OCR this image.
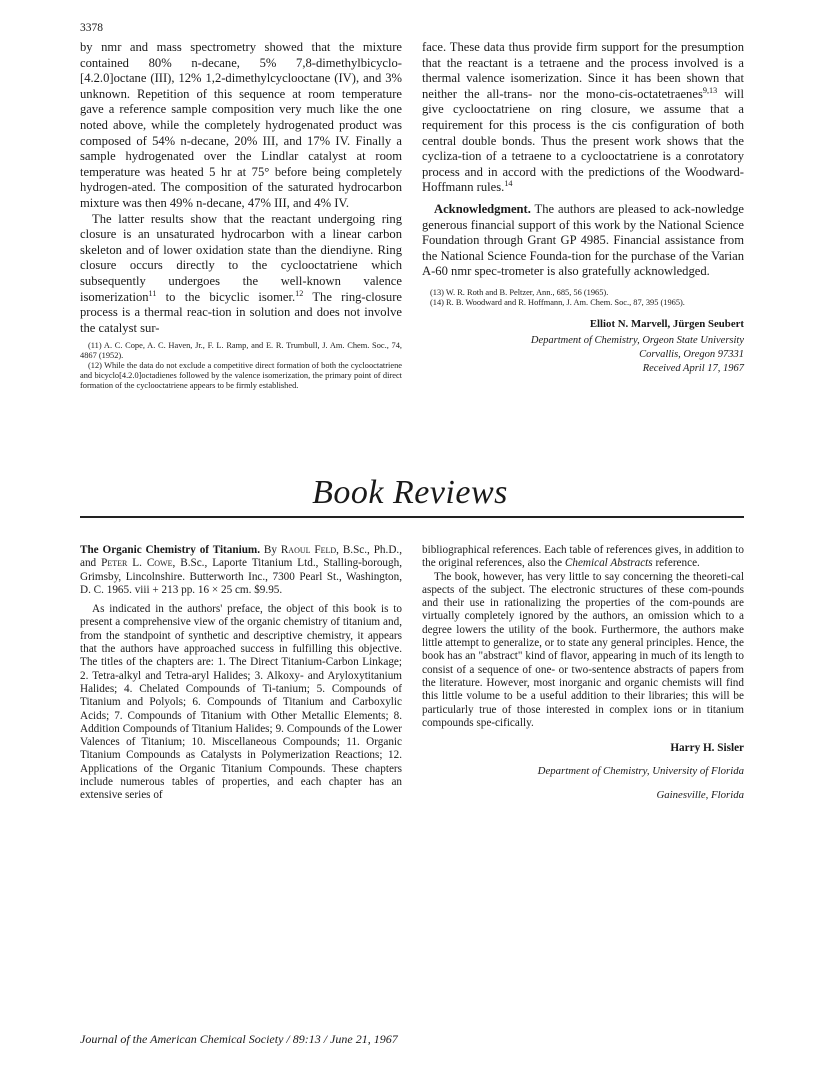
3378

by nmr and mass spectrometry showed that the mixture contained 80% n-decane, 5% 7,8-dimethylbicyclo-[4.2.0]octane (III), 12% 1,2-dimethylcyclooctane (IV), and 3% unknown. Repetition of this sequence at room temperature gave a reference sample composition very much like the one noted above, while the completely hydrogenated product was composed of 54% n-decane, 20% III, and 17% IV. Finally a sample hydrogenated over the Lindlar catalyst at room temperature was heated 5 hr at 75° before being completely hydrogen-ated. The composition of the saturated hydrocarbon mixture was then 49% n-decane, 47% III, and 4% IV.

The latter results show that the reactant undergoing ring closure is an unsaturated hydrocarbon with a linear carbon skeleton and of lower oxidation state than the diendiyne. Ring closure occurs directly to the cyclooctatriene which subsequently undergoes the well-known valence isomerization$^{11}$ to the bicyclic isomer.$^{12}$ The ring-closure process is a thermal reac-tion in solution and does not involve the catalyst sur-

(11) A. C. Cope, A. C. Haven, Jr., F. L. Ramp, and E. R. Trumbull, J. Am. Chem. Soc., 74, 4867 (1952).

(12) While the data do not exclude a competitive direct formation of both the cyclooctatriene and bicyclo[4.2.0]octadienes followed by the valence isomerization, the primary point of direct formation of the cyclooctatriene appears to be firmly established.

face. These data thus provide firm support for the presumption that the reactant is a tetraene and the process involved is a thermal valence isomerization. Since it has been shown that neither the all-trans- nor the mono-cis-octatetraenes$^{9,13}$ will give cyclooctatriene on ring closure, we assume that a requirement for this process is the cis configuration of both central double bonds. Thus the present work shows that the cycliza-tion of a tetraene to a cyclooctatriene is a conrotatory process and in accord with the predictions of the Woodward-Hoffmann rules.$^{14}$

Acknowledgment. The authors are pleased to ack-nowledge generous financial support of this work by the National Science Foundation through Grant GP 4985. Financial assistance from the National Science Founda-tion for the purchase of the Varian A-60 nmr spec-trometer is also gratefully acknowledged.

(13) W. R. Roth and B. Peltzer, Ann., 685, 56 (1965).

(14) R. B. Woodward and R. Hoffmann, J. Am. Chem. Soc., 87, 395 (1965).

Elliot N. Marvell, Jürgen Seubert

Department of Chemistry, Orgeon State University

Corvallis, Oregon 97331

Received April 17, 1967

Book Reviews

The Organic Chemistry of Titanium. By Raoul Feld, B.Sc., Ph.D., and Peter L. Cowe, B.Sc., Laporte Titanium Ltd., Stalling-borough, Grimsby, Lincolnshire. Butterworth Inc., 7300 Pearl St., Washington, D. C. 1965. viii + 213 pp. 16 × 25 cm. $9.95.

As indicated in the authors' preface, the object of this book is to present a comprehensive view of the organic chemistry of titanium and, from the standpoint of synthetic and descriptive chemistry, it appears that the authors have approached success in fulfilling this objective. The titles of the chapters are: 1. The Direct Titanium-Carbon Linkage; 2. Tetra-alkyl and Tetra-aryl Halides; 3. Alkoxy- and Aryloxytitanium Halides; 4. Chelated Compounds of Ti-tanium; 5. Compounds of Titanium and Polyols; 6. Compounds of Titanium and Carboxylic Acids; 7. Compounds of Titanium with Other Metallic Elements; 8. Addition Compounds of Titanium Halides; 9. Compounds of the Lower Valences of Titanium; 10. Miscellaneous Compounds; 11. Organic Titanium Compounds as Catalysts in Polymerization Reactions; 12. Applications of the Organic Titanium Compounds. These chapters include numerous tables of properties, and each chapter has an extensive series of

bibliographical references. Each table of references gives, in addition to the original references, also the Chemical Abstracts reference.

The book, however, has very little to say concerning the theoreti-cal aspects of the subject. The electronic structures of these com-pounds and their use in rationalizing the properties of the com-pounds are virtually completely ignored by the authors, an omission which to a degree lowers the utility of the book. Furthermore, the authors make little attempt to generalize, or to state any general principles. Hence, the book has an "abstract" kind of flavor, appearing in much of its length to consist of a sequence of one- or two-sentence abstracts of papers from the literature. However, most inorganic and organic chemists will find this little volume to be a useful addition to their libraries; this will be particularly true of those interested in complex ions or in titanium compounds spe-cifically.

Harry H. Sisler

Department of Chemistry, University of Florida

Gainesville, Florida

Journal of the American Chemical Society / 89:13 / June 21, 1967
